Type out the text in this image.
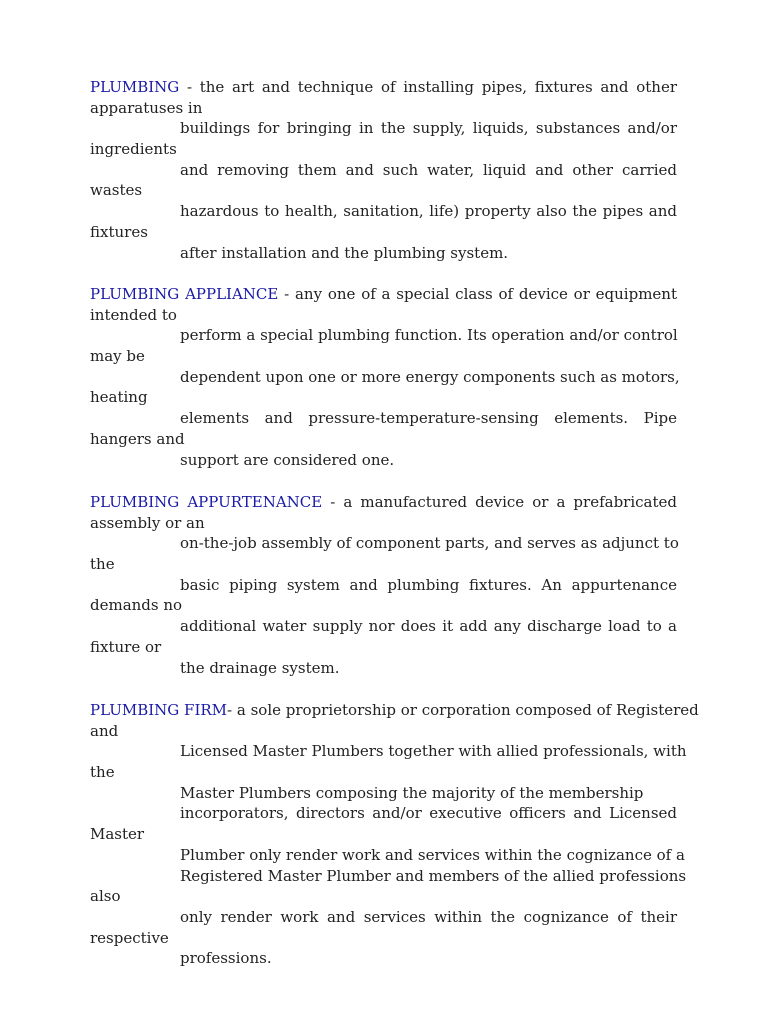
PLUMBING - the art and technique of installing pipes, fixtures and other
apparatuses in
buildings for bringing in the supply, liquids, substances and/or
ingredients
and removing them and such water, liquid and other carried
wastes
hazardous to health, sanitation, life) property also the pipes and
fixtures
after installation and the plumbing system.
PLUMBING APPLIANCE - any one of a special class of device or equipment
intended to
perform a special plumbing function. Its operation and/or control
may be
dependent upon one or more energy components such as motors,
heating
elements and pressure-temperature-sensing elements. Pipe
hangers and
support are considered one.
PLUMBING APPURTENANCE - a manufactured device or a prefabricated
assembly or an
on-the-job assembly of component parts, and serves as adjunct to
the
basic piping system and plumbing fixtures. An appurtenance
demands no
additional water supply nor does it add any discharge load to a
fixture or
the drainage system.
PLUMBING FIRM- a sole proprietorship or corporation composed of Registered
and
Licensed Master Plumbers together with allied professionals, with
the
Master Plumbers composing the majority of the membership
incorporators, directors and/or executive officers and Licensed
Master
Plumber only render work and services within the cognizance of a
Registered Master Plumber and members of the allied professions
also
only render work and services within the cognizance of their
respective
professions.
